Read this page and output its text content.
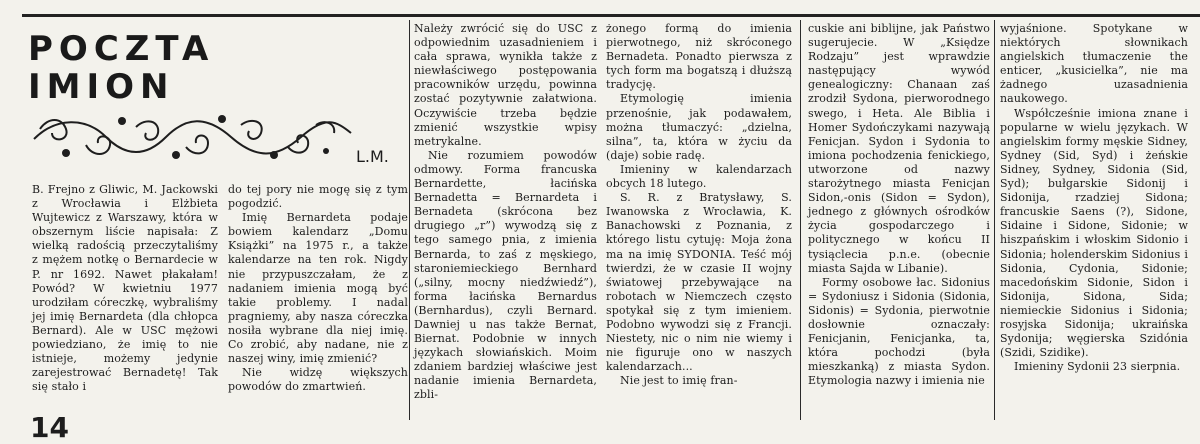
POCZTA
IMION
L.M.

B. Frejno z Gliwic, M. Jackowski z Wrocławia i Elżbieta Wujtewicz z Warszawy, która w obszernym liście napisała: Z wielką radością przeczytaliśmy z mężem notkę o Bernardecie w P. nr 1692. Nawet płakałam! Powód? W kwietniu 1977 urodziłam córeczkę, wybraliśmy jej imię Bernardeta (dla chłopca Bernard). Ale w USC mężowi powiedziano, że imię to nie istnieje, możemy jedynie zarejestrować Bernadetę! Tak się stało i

do tej pory nie mogę się z tym pogodzić.

Imię Bernardeta podaje bowiem kalendarz „Domu Książki” na 1975 r., a także kalendarze na ten rok. Nigdy nie przypuszczałam, że z nadaniem imienia mogą być takie problemy. I nadal pragniemy, aby nasza córeczka nosiła wybrane dla niej imię. Co zrobić, aby nadane, nie z naszej winy, imię zmienić?

Nie widzę większych powodów do zmartwień.

Należy zwrócić się do USC z odpowiednim uzasadnieniem i cała sprawa, wynikła także z niewłaściwego postępowania pracowników urzędu, powinna zostać pozytywnie załatwiona. Oczywiście trzeba będzie zmienić wszystkie wpisy metrykalne.

Nie rozumiem powodów odmowy. Forma francuska Bernardette, łacińska Bernadetta = Bernardeta i Bernadeta (skrócona bez drugiego „r”) wywodzą się z tego samego pnia, z imienia Bernarda, to zaś z męskiego, staroniemieckiego Bernhard („silny, mocny niedźwiedź”), forma łacińska Bernardus (Bernhardus), czyli Bernard. Dawniej u nas także Bernat, Biernat. Podobnie w innych językach słowiańskich. Moim zdaniem bardziej właściwe jest nadanie imienia Bernardeta, zbli-

żonego formą do imienia pierwotnego, niż skróconego Bernadeta. Ponadto pierwsza z tych form ma bogatszą i dłuższą tradycję.

Etymologię imienia przenośnie, jak podawałem, można tłumaczyć: „dzielna, silna”, ta, która w życiu da (daje) sobie radę.

Imieniny w kalendarzach obcych 18 lutego.

S. R. z Bratysławy, S. Iwanowska z Wrocławia, K. Banachowski z Poznania, z którego listu cytuję: Moja żona ma na imię SYDONIA. Teść mój twierdzi, że w czasie II wojny światowej przebywające na robotach w Niemczech często spotykał się z tym imieniem. Podobno wywodzi się z Francji. Niestety, nic o nim nie wiemy i nie figuruje ono w naszych kalendarzach...

Nie jest to imię fran-

cuskie ani biblijne, jak Państwo sugerujecie. W „Księdze Rodzaju” jest wprawdzie następujący wywód genealogiczny: Chanaan zaś zrodził Sydona, pierworodnego swego, i Heta. Ale Biblia i Homer Sydończykami nazywają Fenicjan. Sydon i Sydonia to imiona pochodzenia fenickiego, utworzone od nazwy starożytnego miasta Fenicjan Sidon,-onis (Sidon = Sydon), jednego z głównych ośrodków życia gospodarczego i politycznego w końcu II tysiąclecia p.n.e. (obecnie miasta Sajda w Libanie).

Formy osobowe łac. Sidonius = Sydoniusz i Sidonia (Sidonia, Sidonis) = Sydonia, pierwotnie dosłownie oznaczały: Fenicjanin, Fenicjanka, ta, która pochodzi (była mieszkanką) z miasta Sydon. Etymologia nazwy i imienia nie

wyjaśnione. Spotykane w niektórych słownikach angielskich tłumaczenie the enticer, „kusicielka”, nie ma żadnego uzasadnienia naukowego.

Współcześnie imiona znane i popularne w wielu językach. W angielskim formy męskie Sidney, Sydney (Sid, Syd) i żeńskie Sidney, Sydney, Sidonia (Sid, Syd); bułgarskie Sidonij i Sidonija, rzadziej Sidona; francuskie Saens (?), Sidone, Sidaine i Sidone, Sidonie; w hiszpańskim i włoskim Sidonio i Sidonia; holenderskim Sidonius i Sidonia, Cydonia, Sidonie; macedońskim Sidonie, Sidon i Sidonija, Sidona, Sida; niemieckie Sidonius i Sidonia; rosyjska Sidonija; ukraińska Sydonija; węgierska Szidónia (Szidi, Szidike).

Imieniny Sydonii 23 sierpnia.

14
